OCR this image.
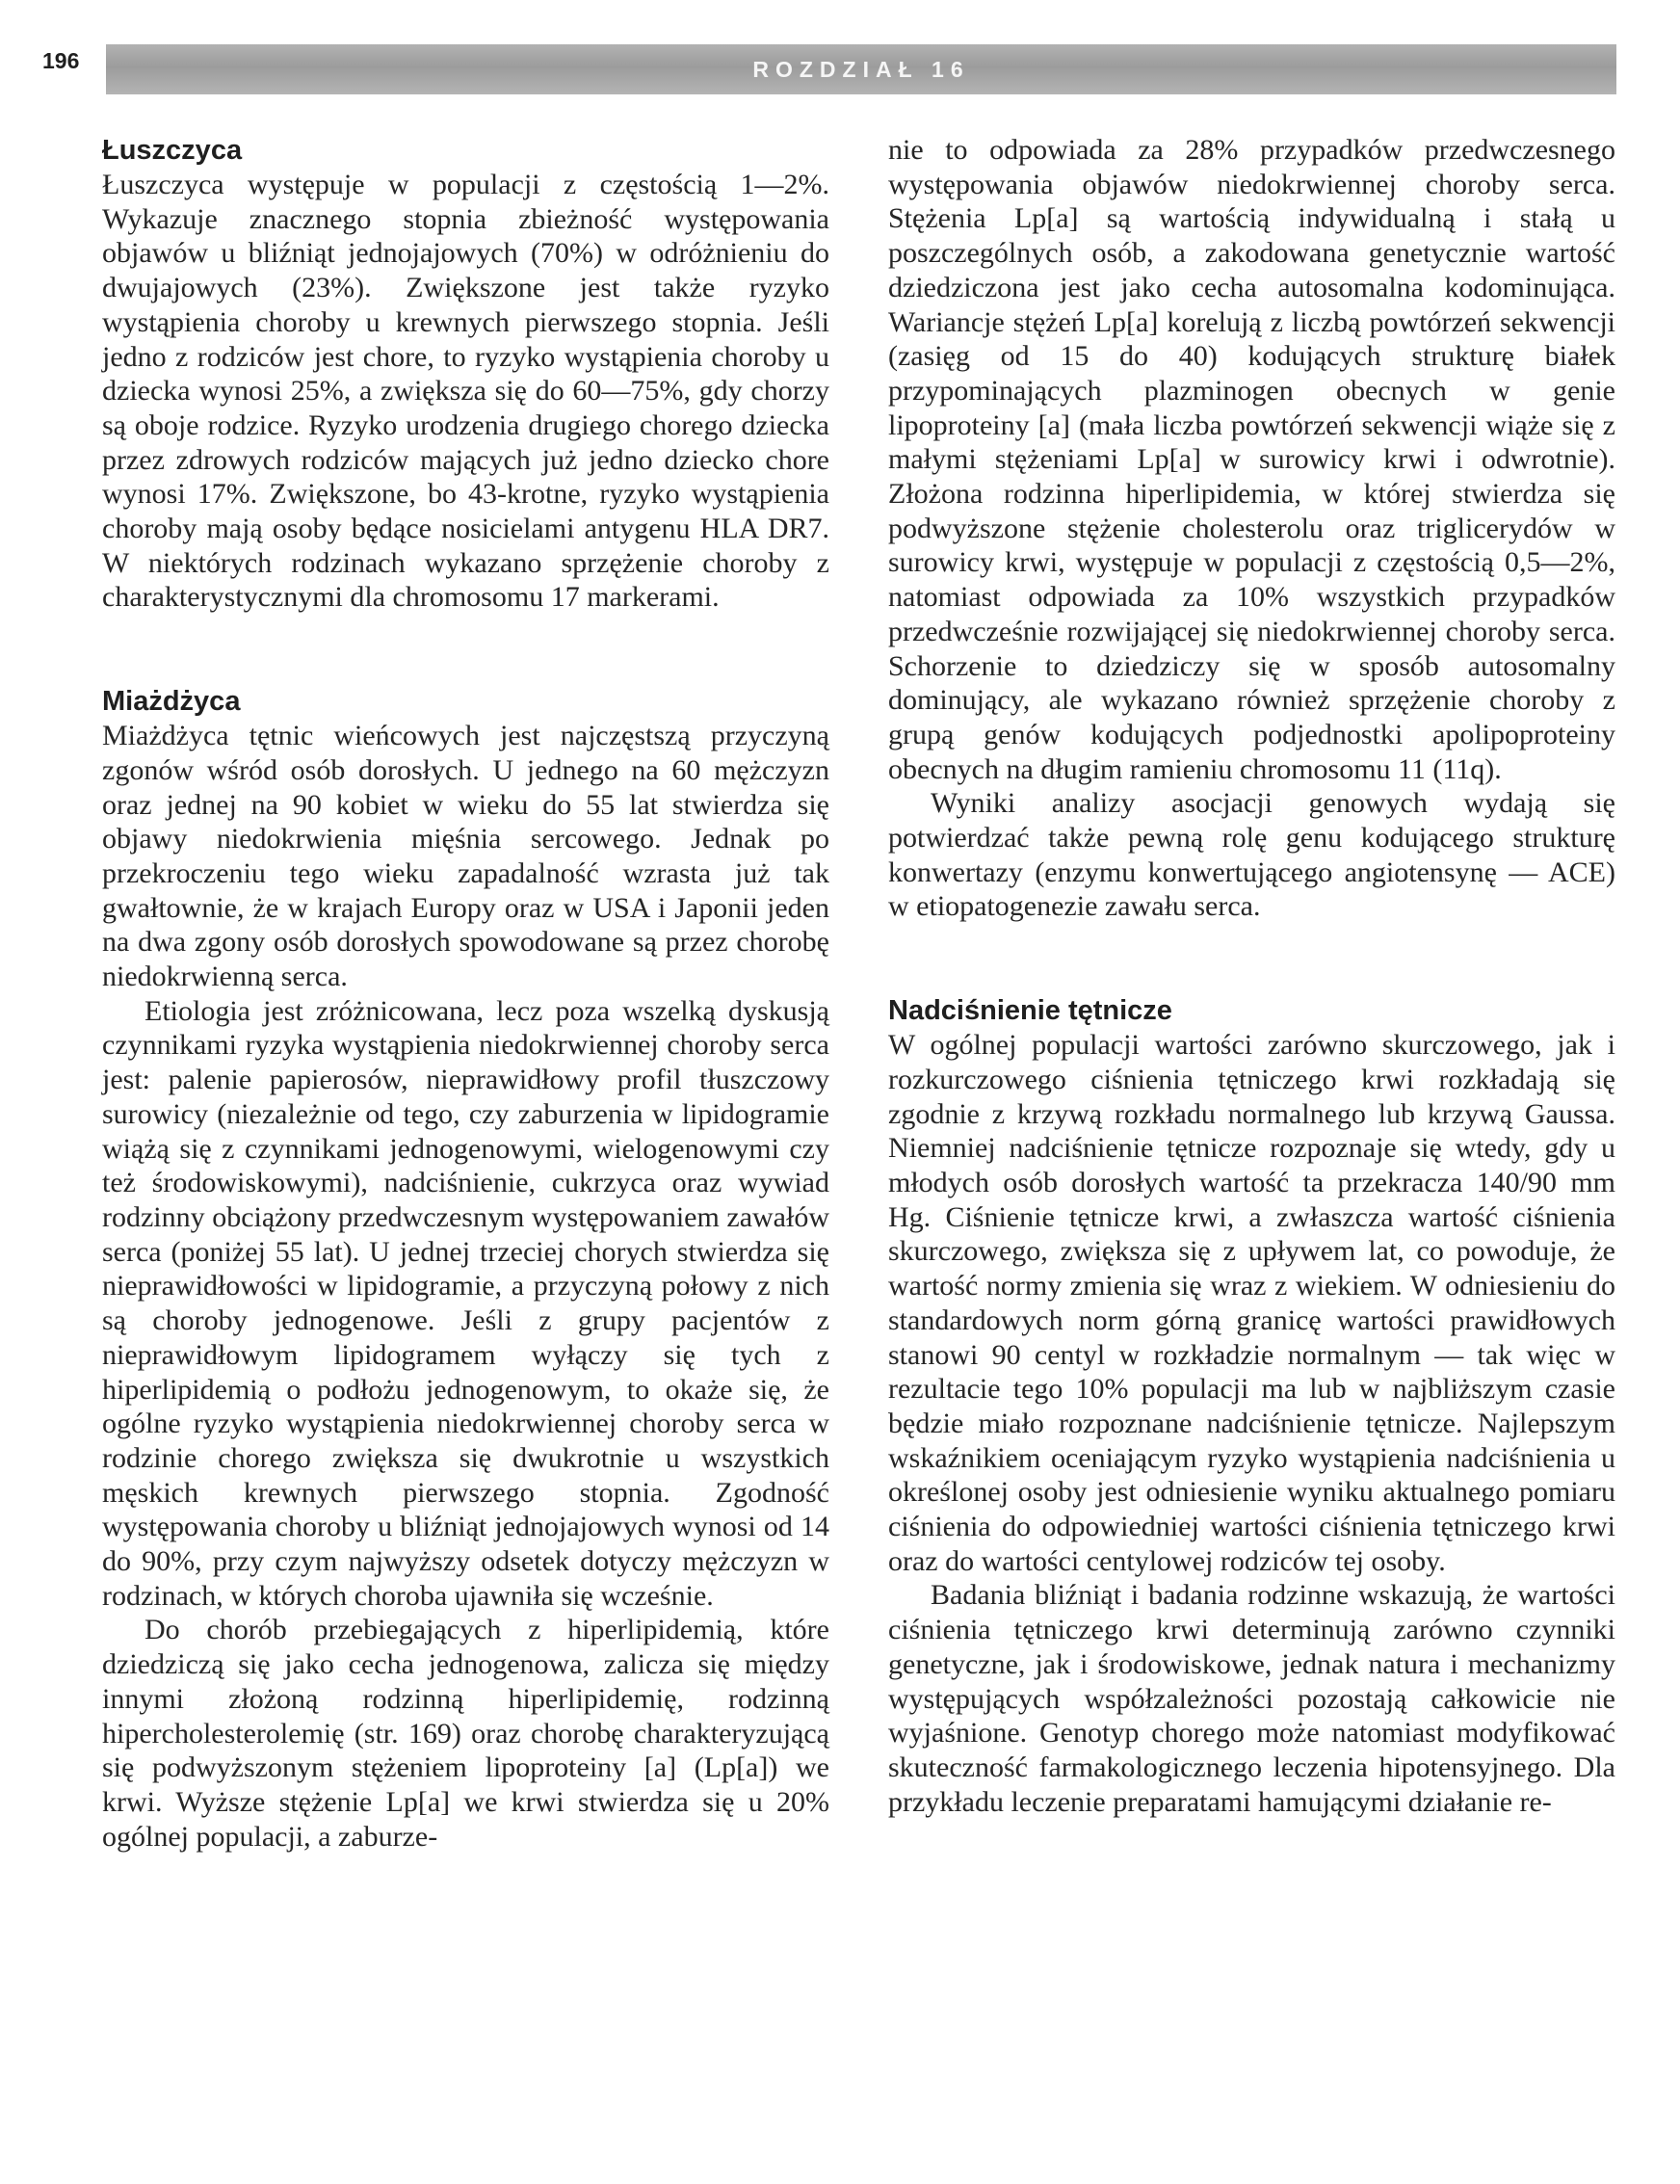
196	ROZDZIAŁ 16
Łuszczyca

Łuszczyca występuje w populacji z częstością 1—2%. Wykazuje znacznego stopnia zbieżność występowania objawów u bliźniąt jednojajowych (70%) w odróżnieniu do dwujajowych (23%). Zwiększone jest także ryzyko wystąpienia choroby u krewnych pierwszego stopnia. Jeśli jedno z rodziców jest chore, to ryzyko wystąpienia choroby u dziecka wynosi 25%, a zwiększa się do 60—75%, gdy chorzy są oboje rodzice. Ryzyko urodzenia drugiego chorego dziecka przez zdrowych rodziców mających już jedno dziecko chore wynosi 17%. Zwiększone, bo 43-krotne, ryzyko wystąpienia choroby mają osoby będące nosicielami antygenu HLA DR7. W niektórych rodzinach wykazano sprzężenie choroby z charakterystycznymi dla chromosomu 17 markerami.

Miażdżyca

Miażdżyca tętnic wieńcowych jest najczęstszą przyczyną zgonów wśród osób dorosłych. U jednego na 60 mężczyzn oraz jednej na 90 kobiet w wieku do 55 lat stwierdza się objawy niedokrwienia mięśnia sercowego. Jednak po przekroczeniu tego wieku zapadalność wzrasta już tak gwałtownie, że w krajach Europy oraz w USA i Japonii jeden na dwa zgony osób dorosłych spowodowane są przez chorobę niedokrwienną serca.

Etiologia jest zróżnicowana, lecz poza wszelką dyskusją czynnikami ryzyka wystąpienia niedokrwiennej choroby serca jest: palenie papierosów, nieprawidłowy profil tłuszczowy surowicy (niezależnie od tego, czy zaburzenia w lipidogramie wiążą się z czynnikami jednogenowymi, wielogenowymi czy też środowiskowymi), nadciśnienie, cukrzyca oraz wywiad rodzinny obciążony przedwczesnym występowaniem zawałów serca (poniżej 55 lat). U jednej trzeciej chorych stwierdza się nieprawidłowości w lipidogramie, a przyczyną połowy z nich są choroby jednogenowe. Jeśli z grupy pacjentów z nieprawidłowym lipidogramem wyłączy się tych z hiperlipidemią o podłożu jednogenowym, to okaże się, że ogólne ryzyko wystąpienia niedokrwiennej choroby serca w rodzinie chorego zwiększa się dwukrotnie u wszystkich męskich krewnych pierwszego stopnia. Zgodność występowania choroby u bliźniąt jednojajowych wynosi od 14 do 90%, przy czym najwyższy odsetek dotyczy mężczyzn w rodzinach, w których choroba ujawniła się wcześnie.

Do chorób przebiegających z hiperlipidemią, które dziedziczą się jako cecha jednogenowa, zalicza się między innymi złożoną rodzinną hiperlipidemię, rodzinną hipercholesterolemię (str. 169) oraz chorobę charakteryzującą się podwyższonym stężeniem lipoproteiny [a] (Lp[a]) we krwi. Wyższe stężenie Lp[a] we krwi stwierdza się u 20% ogólnej populacji, a zaburze-

nie to odpowiada za 28% przypadków przedwczesnego występowania objawów niedokrwiennej choroby serca. Stężenia Lp[a] są wartością indywidualną i stałą u poszczególnych osób, a zakodowana genetycznie wartość dziedziczona jest jako cecha autosomalna kodominująca. Wariancje stężeń Lp[a] korelują z liczbą powtórzeń sekwencji (zasięg od 15 do 40) kodujących strukturę białek przypominających plazminogen obecnych w genie lipoproteiny [a] (mała liczba powtórzeń sekwencji wiąże się z małymi stężeniami Lp[a] w surowicy krwi i odwrotnie). Złożona rodzinna hiperlipidemia, w której stwierdza się podwyższone stężenie cholesterolu oraz triglicerydów w surowicy krwi, występuje w populacji z częstością 0,5—2%, natomiast odpowiada za 10% wszystkich przypadków przedwcześnie rozwijającej się niedokrwiennej choroby serca. Schorzenie to dziedziczy się w sposób autosomalny dominujący, ale wykazano również sprzężenie choroby z grupą genów kodujących podjednostki apolipoproteiny obecnych na długim ramieniu chromosomu 11 (11q).

Wyniki analizy asocjacji genowych wydają się potwierdzać także pewną rolę genu kodującego strukturę konwertazy (enzymu konwertującego angiotensynę — ACE) w etiopatogenezie zawału serca.

Nadciśnienie tętnicze

W ogólnej populacji wartości zarówno skurczowego, jak i rozkurczowego ciśnienia tętniczego krwi rozkładają się zgodnie z krzywą rozkładu normalnego lub krzywą Gaussa. Niemniej nadciśnienie tętnicze rozpoznaje się wtedy, gdy u młodych osób dorosłych wartość ta przekracza 140/90 mm Hg. Ciśnienie tętnicze krwi, a zwłaszcza wartość ciśnienia skurczowego, zwiększa się z upływem lat, co powoduje, że wartość normy zmienia się wraz z wiekiem. W odniesieniu do standardowych norm górną granicę wartości prawidłowych stanowi 90 centyl w rozkładzie normalnym — tak więc w rezultacie tego 10% populacji ma lub w najbliższym czasie będzie miało rozpoznane nadciśnienie tętnicze. Najlepszym wskaźnikiem oceniającym ryzyko wystąpienia nadciśnienia u określonej osoby jest odniesienie wyniku aktualnego pomiaru ciśnienia do odpowiedniej wartości ciśnienia tętniczego krwi oraz do wartości centylowej rodziców tej osoby.

Badania bliźniąt i badania rodzinne wskazują, że wartości ciśnienia tętniczego krwi determinują zarówno czynniki genetyczne, jak i środowiskowe, jednak natura i mechanizmy występujących współzależności pozostają całkowicie nie wyjaśnione. Genotyp chorego może natomiast modyfikować skuteczność farmakologicznego leczenia hipotensyjnego. Dla przykładu leczenie preparatami hamującymi działanie re-
